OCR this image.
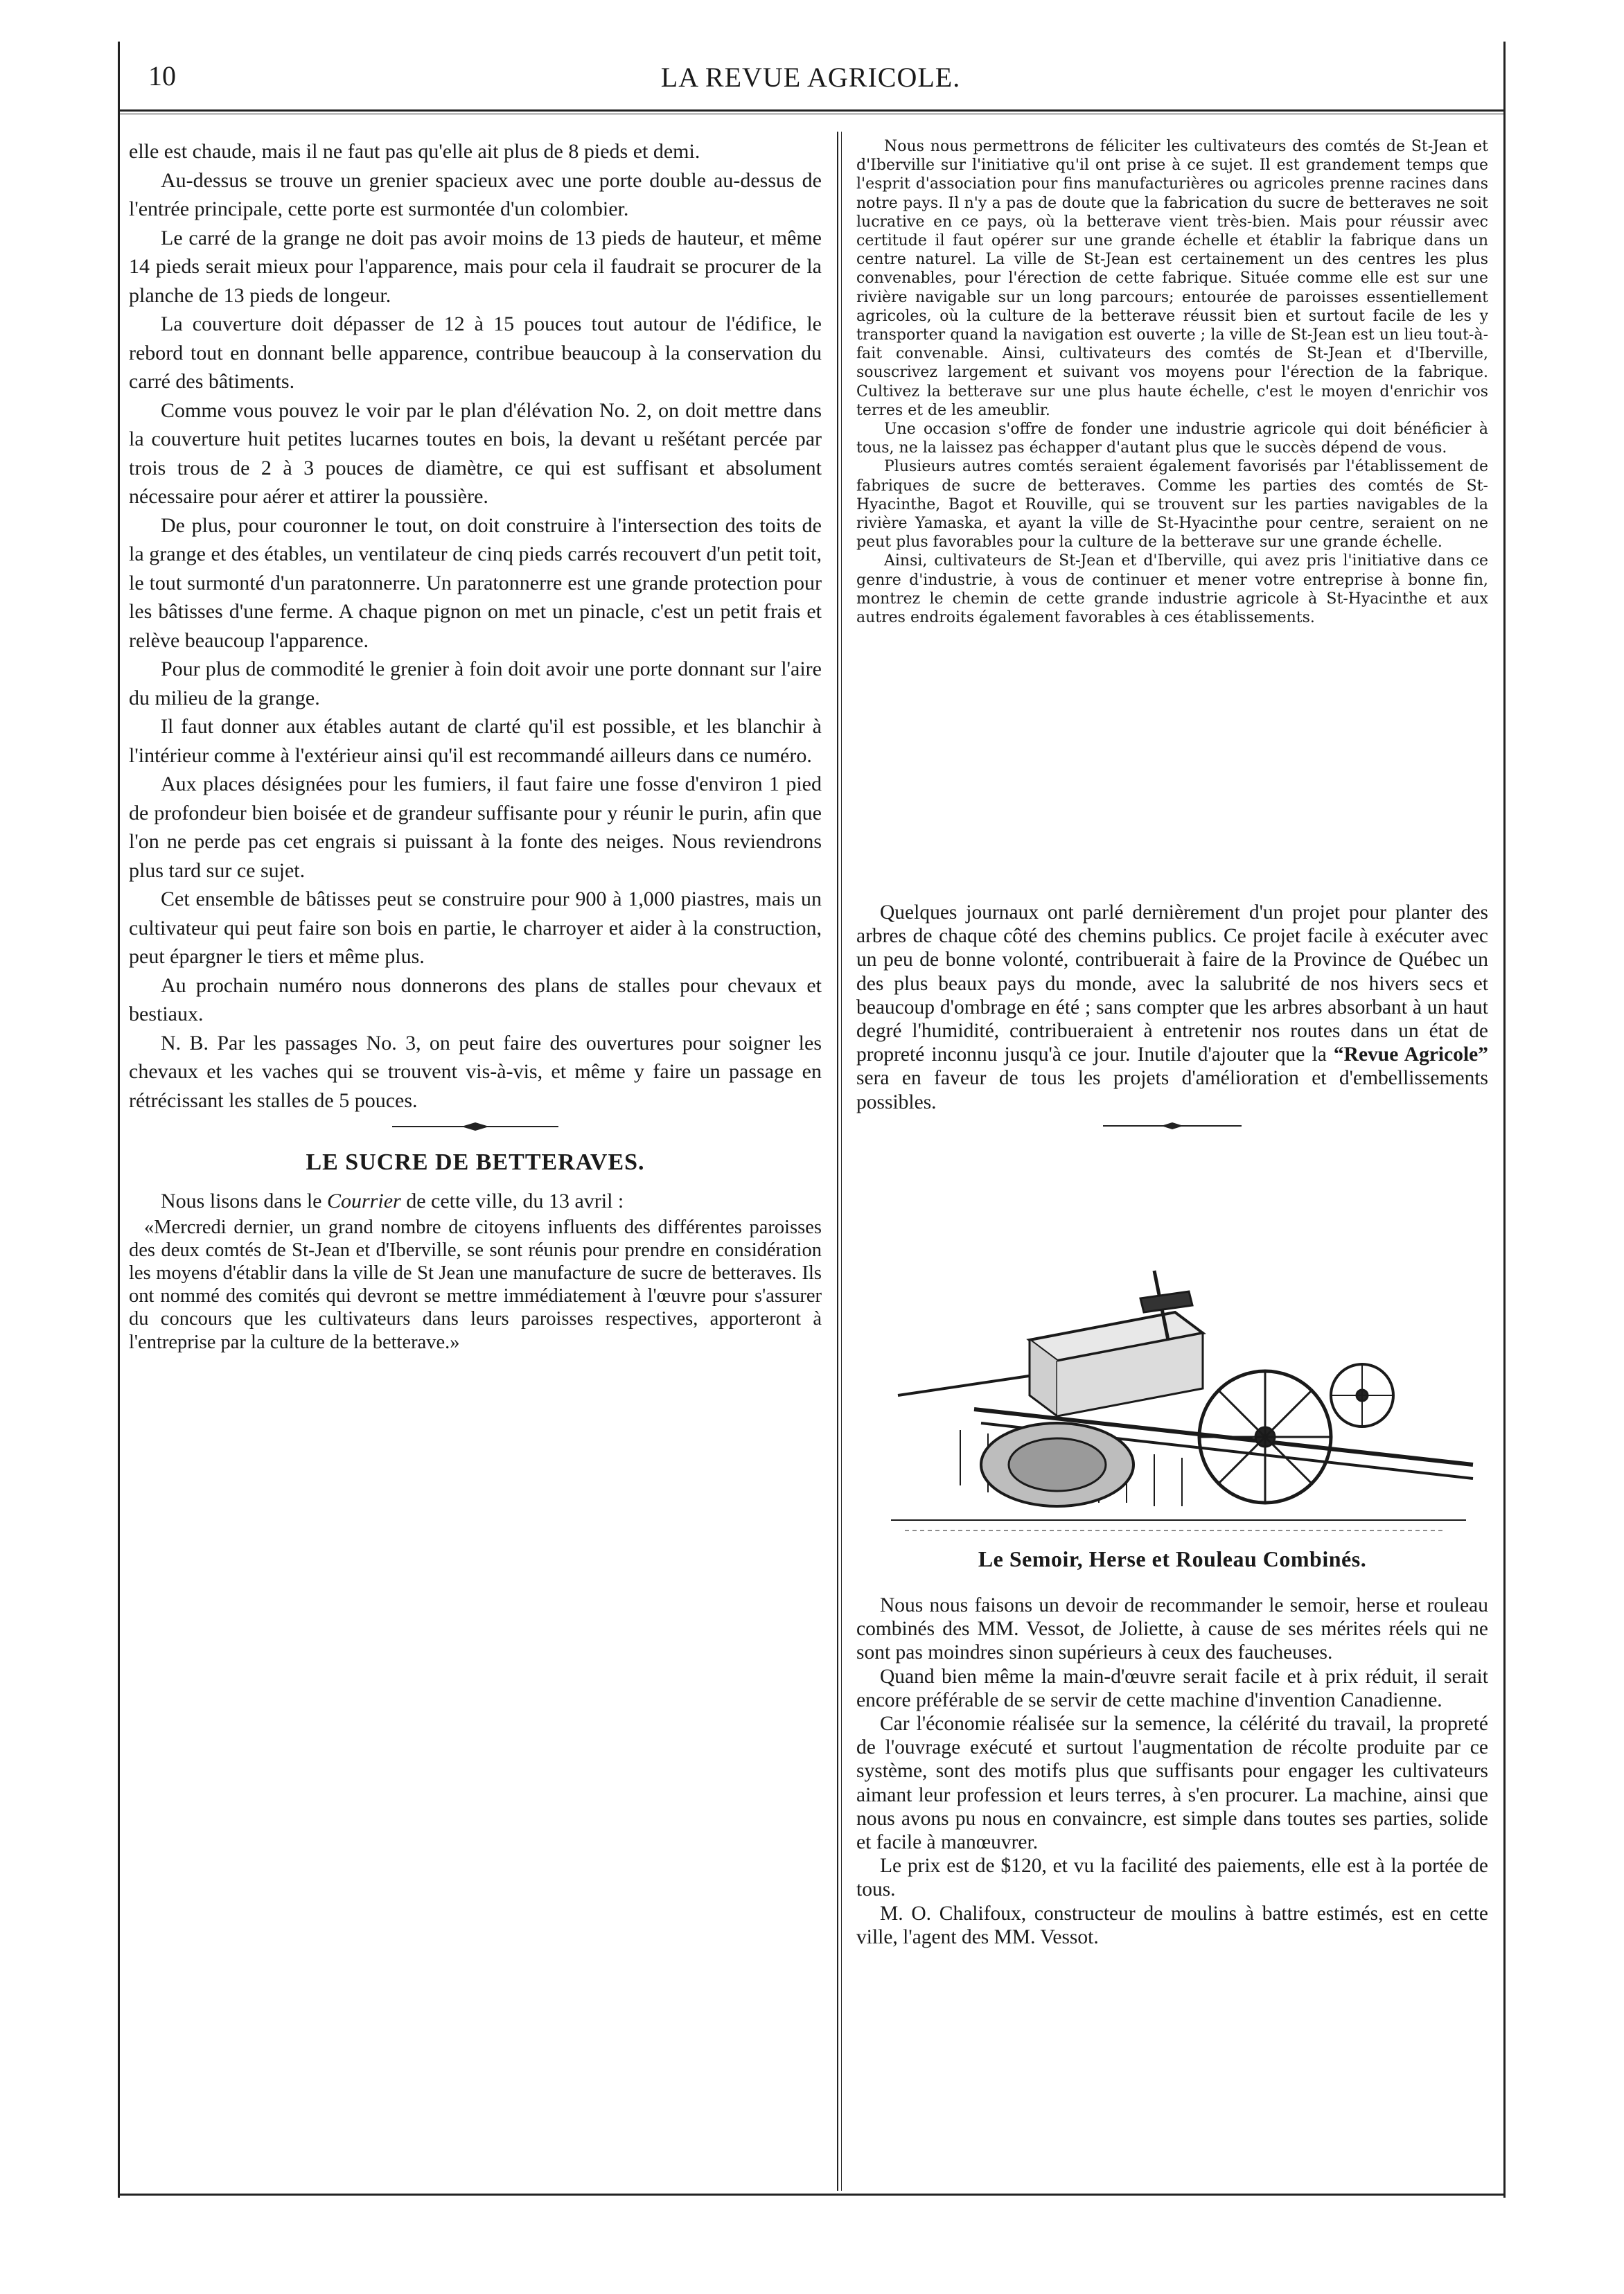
10	LA REVUE AGRICOLE.

elle est chaude, mais il ne faut pas qu'elle ait plus de 8 pieds et demi.

Au-dessus se trouve un grenier spacieux avec une porte double au-dessus de l'entrée principale, cette porte est surmontée d'un colombier.

Le carré de la grange ne doit pas avoir moins de 13 pieds de hauteur, et même 14 pieds serait mieux pour l'apparence, mais pour cela il faudrait se procurer de la planche de 13 pieds de longeur.

La couverture doit dépasser de 12 à 15 pouces tout autour de l'édifice, le rebord tout en donnant belle apparence, contribue beaucoup à la conservation du carré des bâtiments.

Comme vous pouvez le voir par le plan d'élévation No. 2, on doit mettre dans la couverture huit petites lucarnes toutes en bois, la devant u rešétant percée par trois trous de 2 à 3 pouces de diamètre, ce qui est suffisant et absolument nécessaire pour aérer et attirer la poussière.

De plus, pour couronner le tout, on doit construire à l'intersection des toits de la grange et des étables, un ventilateur de cinq pieds carrés recouvert d'un petit toit, le tout surmonté d'un paratonnerre. Un paratonnerre est une grande protection pour les bâtisses d'une ferme. A chaque pignon on met un pinacle, c'est un petit frais et relève beaucoup l'apparence.

Pour plus de commodité le grenier à foin doit avoir une porte donnant sur l'aire du milieu de la grange.

Il faut donner aux étables autant de clarté qu'il est possible, et les blanchir à l'intérieur comme à l'extérieur ainsi qu'il est recommandé ailleurs dans ce numéro.

Aux places désignées pour les fumiers, il faut faire une fosse d'environ 1 pied de profondeur bien boisée et de grandeur suffisante pour y réunir le purin, afin que l'on ne perde pas cet engrais si puissant à la fonte des neiges. Nous reviendrons plus tard sur ce sujet.

Cet ensemble de bâtisses peut se construire pour 900 à 1,000 piastres, mais un cultivateur qui peut faire son bois en partie, le charroyer et aider à la construction, peut épargner le tiers et même plus.

Au prochain numéro nous donnerons des plans de stalles pour chevaux et bestiaux.

N. B. Par les passages No. 3, on peut faire des ouvertures pour soigner les chevaux et les vaches qui se trouvent vis-à-vis, et même y faire un passage en rétrécissant les stalles de 5 pouces.

LE SUCRE DE BETTERAVES.

Nous lisons dans le Courrier de cette ville, du 13 avril :

«Mercredi dernier, un grand nombre de citoyens influents des différentes paroisses des deux comtés de St-Jean et d'Iberville, se sont réunis pour prendre en considération les moyens d'établir dans la ville de St Jean une manufacture de sucre de betteraves. Ils ont nommé des comités qui devront se mettre immédiatement à l'œuvre pour s'assurer du concours que les cultivateurs dans leurs paroisses respectives, apporteront à l'entreprise par la culture de la betterave.»

Nous nous permettrons de féliciter les cultivateurs des comtés de St-Jean et d'Iberville sur l'initiative qu'il ont prise à ce sujet. Il est grandement temps que l'esprit d'association pour fins manufacturières ou agricoles prenne racines dans notre pays. Il n'y a pas de doute que la fabrication du sucre de betteraves ne soit lucrative en ce pays, où la betterave vient très-bien. Mais pour réussir avec certitude il faut opérer sur une grande échelle et établir la fabrique dans un centre naturel. La ville de St-Jean est certainement un des centres les plus convenables, pour l'érection de cette fabrique. Située comme elle est sur une rivière navigable sur un long parcours; entourée de paroisses essentiellement agricoles, où la culture de la betterave réussit bien et surtout facile de les y transporter quand la navigation est ouverte ; la ville de St-Jean est un lieu tout-à-fait convenable. Ainsi, cultivateurs des comtés de St-Jean et d'Iberville, souscrivez largement et suivant vos moyens pour l'érection de la fabrique. Cultivez la betterave sur une plus haute échelle, c'est le moyen d'enrichir vos terres et de les ameublir.

Une occasion s'offre de fonder une industrie agricole qui doit bénéficier à tous, ne la laissez pas échapper d'autant plus que le succès dépend de vous.

Plusieurs autres comtés seraient également favorisés par l'établissement de fabriques de sucre de betteraves. Comme les parties des comtés de St-Hyacinthe, Bagot et Rouville, qui se trouvent sur les parties navigables de la rivière Yamaska, et ayant la ville de St-Hyacinthe pour centre, seraient on ne peut plus favorables pour la culture de la betterave sur une grande échelle.

Ainsi, cultivateurs de St-Jean et d'Iberville, qui avez pris l'initiative dans ce genre d'industrie, à vous de continuer et mener votre entreprise à bonne fin, montrez le chemin de cette grande industrie agricole à St-Hyacinthe et aux autres endroits également favorables à ces établissements.

Quelques journaux ont parlé dernièrement d'un projet pour planter des arbres de chaque côté des chemins publics. Ce projet facile à exécuter avec un peu de bonne volonté, contribuerait à faire de la Province de Québec un des plus beaux pays du monde, avec la salubrité de nos hivers secs et beaucoup d'ombrage en été ; sans compter que les arbres absorbant à un haut degré l'humidité, contribueraient à entretenir nos routes dans un état de propreté inconnu jusqu'à ce jour. Inutile d'ajouter que la “Revue Agricole” sera en faveur de tous les projets d'amélioration et d'embellissements possibles.

Le Semoir, Herse et Rouleau Combinés.

Nous nous faisons un devoir de recommander le semoir, herse et rouleau combinés des MM. Vessot, de Joliette, à cause de ses mérites réels qui ne sont pas moindres sinon supérieurs à ceux des faucheuses.

Quand bien même la main-d'œuvre serait facile et à prix réduit, il serait encore préférable de se servir de cette machine d'invention Canadienne.

Car l'économie réalisée sur la semence, la célérité du travail, la propreté de l'ouvrage exécuté et surtout l'augmentation de récolte produite par ce système, sont des motifs plus que suffisants pour engager les cultivateurs aimant leur profession et leurs terres, à s'en procurer. La machine, ainsi que nous avons pu nous en convaincre, est simple dans toutes ses parties, solide et facile à manœuvrer.

Le prix est de $120, et vu la facilité des paiements, elle est à la portée de tous.

M. O. Chalifoux, constructeur de moulins à battre estimés, est en cette ville, l'agent des MM. Vessot.
